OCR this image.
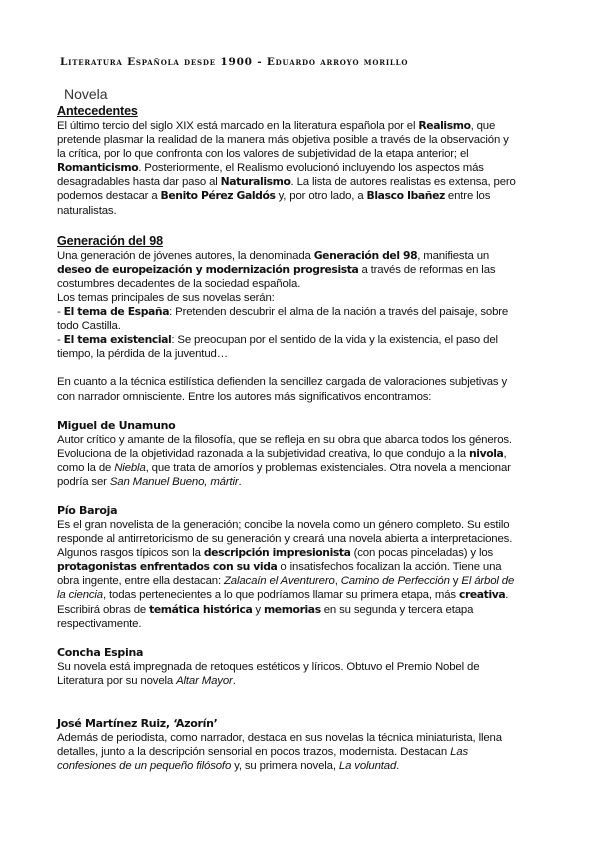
Literatura Española desde 1900 - Eduardo arroyo morillo
Novela
Antecedentes

El último tercio del siglo XIX está marcado en la literatura española por el Realismo, que pretende plasmar la realidad de la manera más objetiva posible a través de la observación y la crítica, por lo que confronta con los valores de subjetividad de la etapa anterior; el Romanticismo. Posteriormente, el Realismo evolucionó incluyendo los aspectos más desagradables hasta dar paso al Naturalismo. La lista de autores realistas es extensa, pero podemos destacar a Benito Pérez Galdós y, por otro lado, a Blasco Ibañez entre los naturalistas.

Generación del 98

Una generación de jóvenes autores, la denominada Generación del 98, manifiesta un deseo de europeización y modernización progresista a través de reformas en las costumbres decadentes de la sociedad española.

Los temas principales de sus novelas serán:

- El tema de España: Pretenden descubrir el alma de la nación a través del paisaje, sobre todo Castilla.

- El tema existencial: Se preocupan por el sentido de la vida y la existencia, el paso del tiempo, la pérdida de la juventud…

En cuanto a la técnica estilística defienden la sencillez cargada de valoraciones subjetivas y con narrador omnisciente. Entre los autores más significativos encontramos:

Miguel de Unamuno

Autor crítico y amante de la filosofía, que se refleja en su obra que abarca todos los géneros. Evoluciona de la objetividad razonada a la subjetividad creativa, lo que condujo a la nivola, como la de Niebla, que trata de amoríos y problemas existenciales. Otra novela a mencionar podría ser San Manuel Bueno, mártir.

Pío Baroja

Es el gran novelista de la generación; concibe la novela como un género completo. Su estilo responde al antirretoricismo de su generación y creará una novela abierta a interpretaciones. Algunos rasgos típicos son la descripción impresionista (con pocas pinceladas) y los protagonistas enfrentados con su vida o insatisfechos focalizan la acción. Tiene una obra ingente, entre ella destacan: Zalacaín el Aventurero, Camino de Perfección y El árbol de la ciencia, todas pertenecientes a lo que podríamos llamar su primera etapa, más creativa.

Escribirá obras de temática histórica y memorias en su segunda y tercera etapa respectivamente.

Concha Espina

Su novela está impregnada de retoques estéticos y líricos. Obtuvo el Premio Nobel de Literatura por su novela Altar Mayor.

José Martínez Ruiz, ‘Azorín’

Además de periodista, como narrador, destaca en sus novelas la técnica miniaturista, llena detalles, junto a la descripción sensorial en pocos trazos, modernista. Destacan Las confesiones de un pequeño filósofo y, su primera novela, La voluntad.
